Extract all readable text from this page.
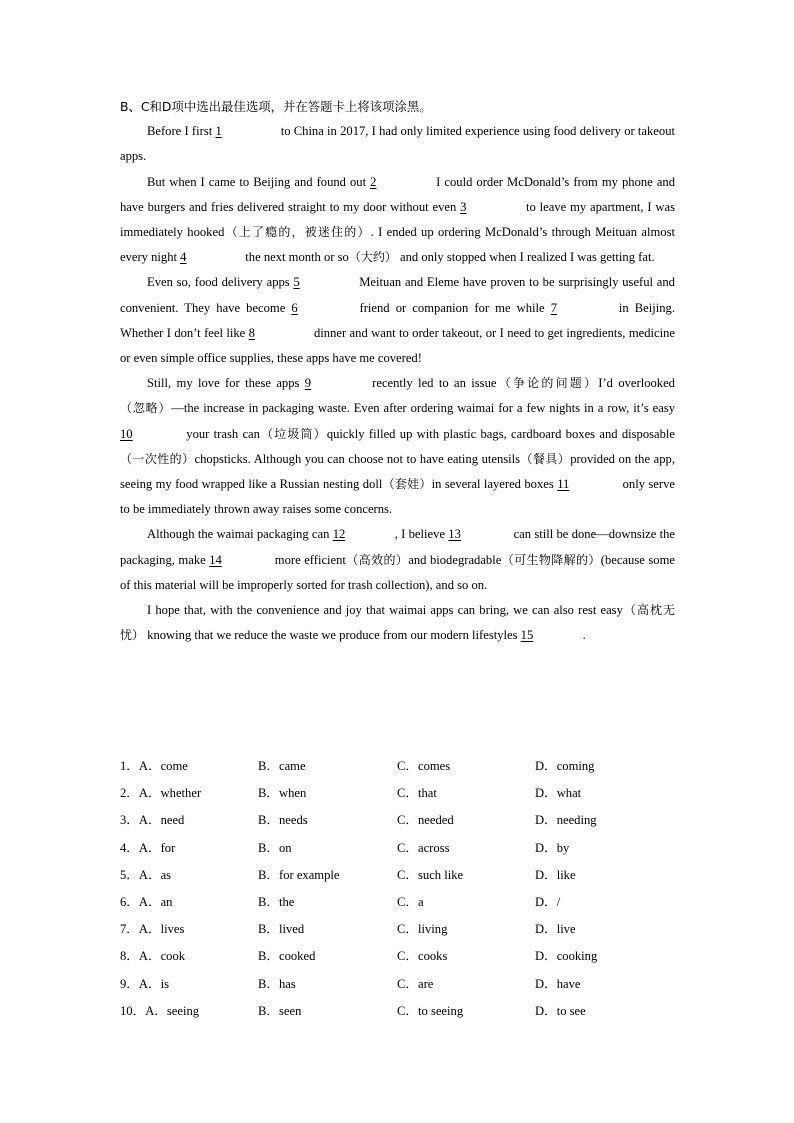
B、C和D项中选出最佳选项，并在答题卡上将该项涂黑。

Before I first 1	to China in 2017, I had only limited experience using food delivery or takeout apps.

But when I came to Beijing and found out 2	I could order McDonald’s from my phone and have burgers and fries delivered straight to my door without even 3	to leave my apartment, I was immediately hooked（上了瘾的，被迷住的）. I ended up ordering McDonald’s through Meituan almost every night 4	the next month or so（大约） and only stopped when I realized I was getting fat.

Even so, food delivery apps 5	Meituan and Eleme have proven to be surprisingly useful and convenient. They have become 6	friend or companion for me while 7	in Beijing. Whether I don’t feel like 8	dinner and want to order takeout, or I need to get ingredients, medicine or even simple office supplies, these apps have me covered!

Still, my love for these apps 9	recently led to an issue（争论的问题）I’d overlooked（忽略）—the increase in packaging waste. Even after ordering waimai for a few nights in a row, it’s easy 10	your trash can（垃圾筒）quickly filled up with plastic bags, cardboard boxes and disposable（一次性的）chopsticks. Although you can choose not to have eating utensils（餐具）provided on the app, seeing my food wrapped like a Russian nesting doll（套娃）in several layered boxes 11	only serve to be immediately thrown away raises some concerns.

Although the waimai packaging can 12	, I believe 13	can still be done—downsize the packaging, make 14	more efficient（高效的）and biodegradable（可生物降解的）(because some of this material will be improperly sorted for trash collection), and so on.

I hope that, with the convenience and joy that waimai apps can bring, we can also rest easy（高枕无忧） knowing that we reduce the waste we produce from our modern lifestyles 15	.

1．A．come	B．came	C．comes	D．coming
2．A．whether	B．when	C．that	D．what
3．A．need	B．needs	C．needed	D．needing
4．A．for	B．on	C．across	D．by
5．A．as	B．for example	C．such like	D．like
6．A．an	B．the	C．a	D．/
7．A．lives	B．lived	C．living	D．live
8．A．cook	B．cooked	C．cooks	D．cooking
9．A．is	B．has	C．are	D．have
10．A．seeing	B．seen	C．to seeing	D．to see
